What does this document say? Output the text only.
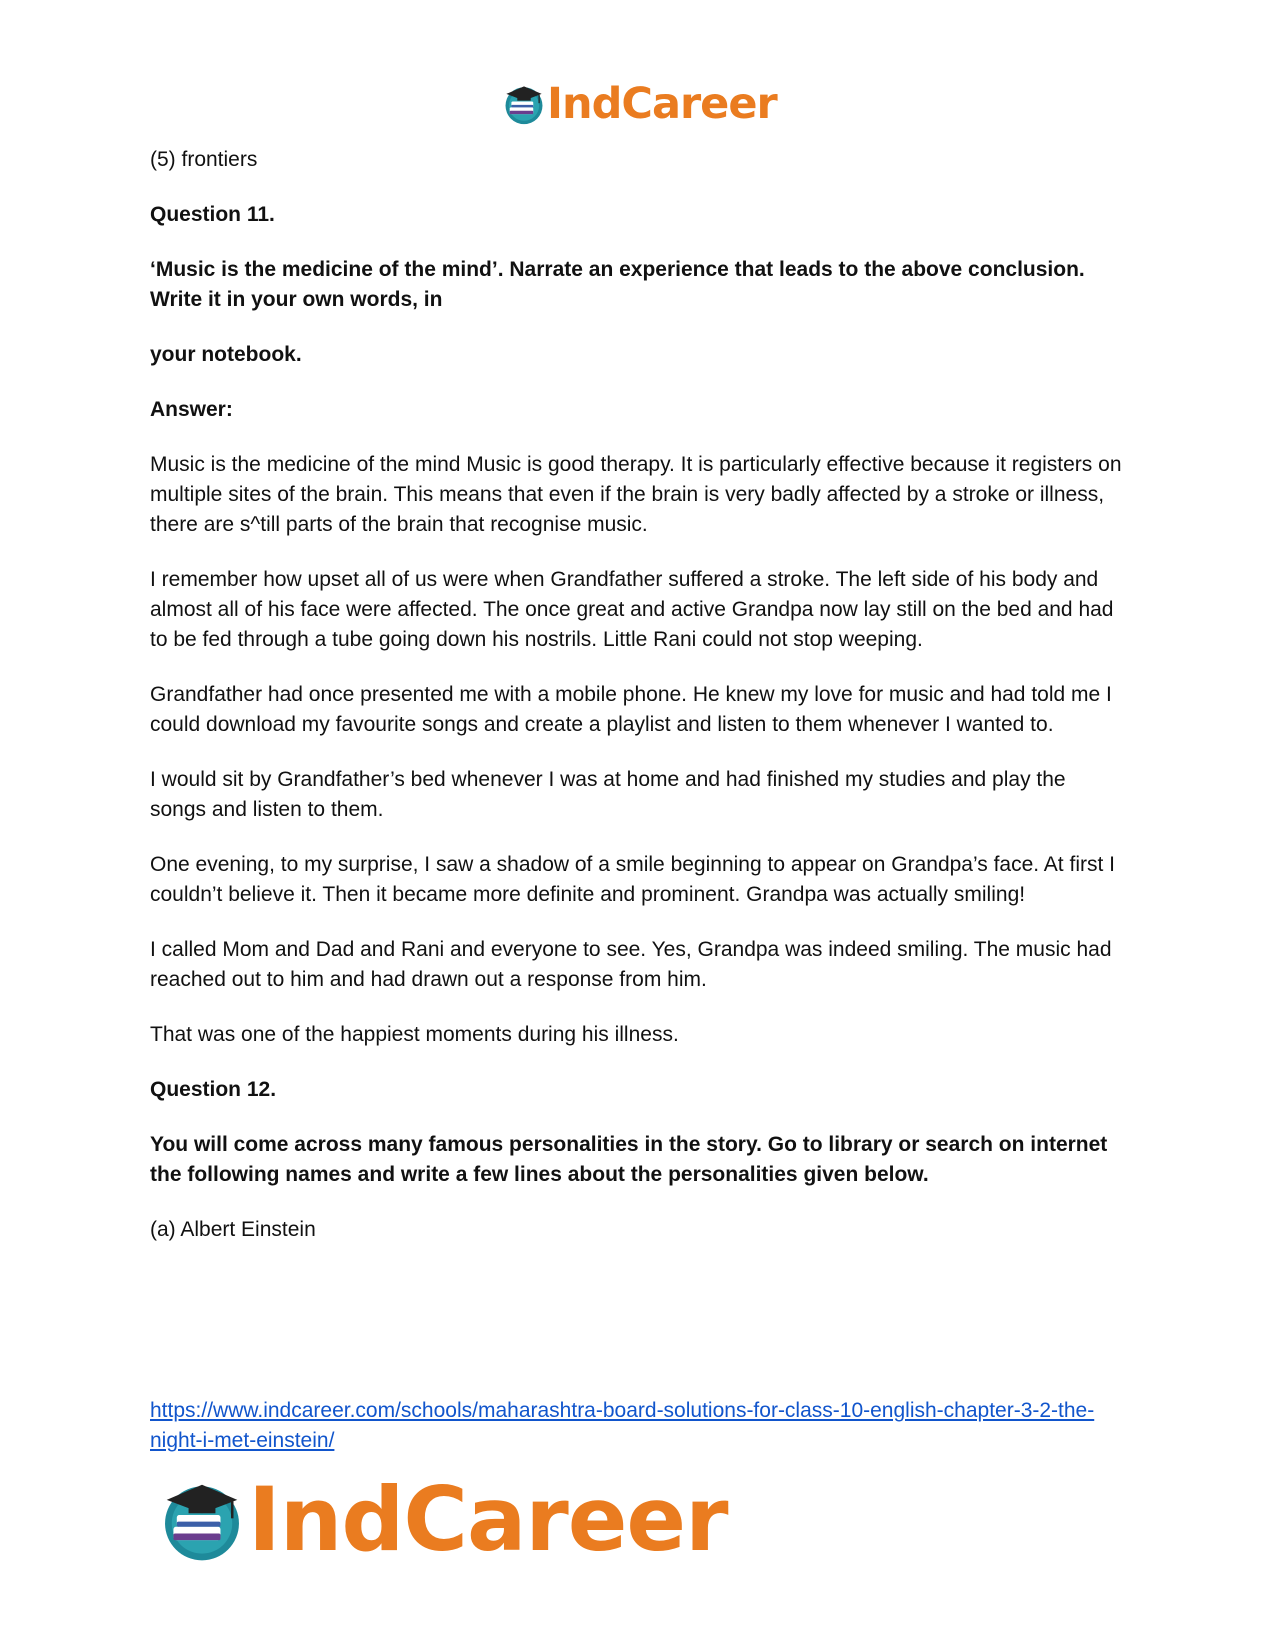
IndCareer

(5) frontiers

Question 11.

‘Music is the medicine of the mind’. Narrate an experience that leads to the above conclusion. Write it in your own words, in

your notebook.

Answer:

Music is the medicine of the mind Music is good therapy. It is particularly effective because it registers on multiple sites of the brain. This means that even if the brain is very badly affected by a stroke or illness, there are s^till parts of the brain that recognise music.

I remember how upset all of us were when Grandfather suffered a stroke. The left side of his body and almost all of his face were affected. The once great and active Grandpa now lay still on the bed and had to be fed through a tube going down his nostrils. Little Rani could not stop weeping.

Grandfather had once presented me with a mobile phone. He knew my love for music and had told me I could download my favourite songs and create a playlist and listen to them whenever I wanted to.

I would sit by Grandfather’s bed whenever I was at home and had finished my studies and play the songs and listen to them.

One evening, to my surprise, I saw a shadow of a smile beginning to appear on Grandpa’s face. At first I couldn’t believe it. Then it became more definite and prominent. Grandpa was actually smiling!

I called Mom and Dad and Rani and everyone to see. Yes, Grandpa was indeed smiling. The music had reached out to him and had drawn out a response from him.

That was one of the happiest moments during his illness.

Question 12.

You will come across many famous personalities in the story. Go to library or search on internet the following names and write a few lines about the personalities given below.

(a) Albert Einstein

https://www.indcareer.com/schools/maharashtra-board-solutions-for-class-10-english-chapter-3-2-the-night-i-met-einstein/
IndCareer
